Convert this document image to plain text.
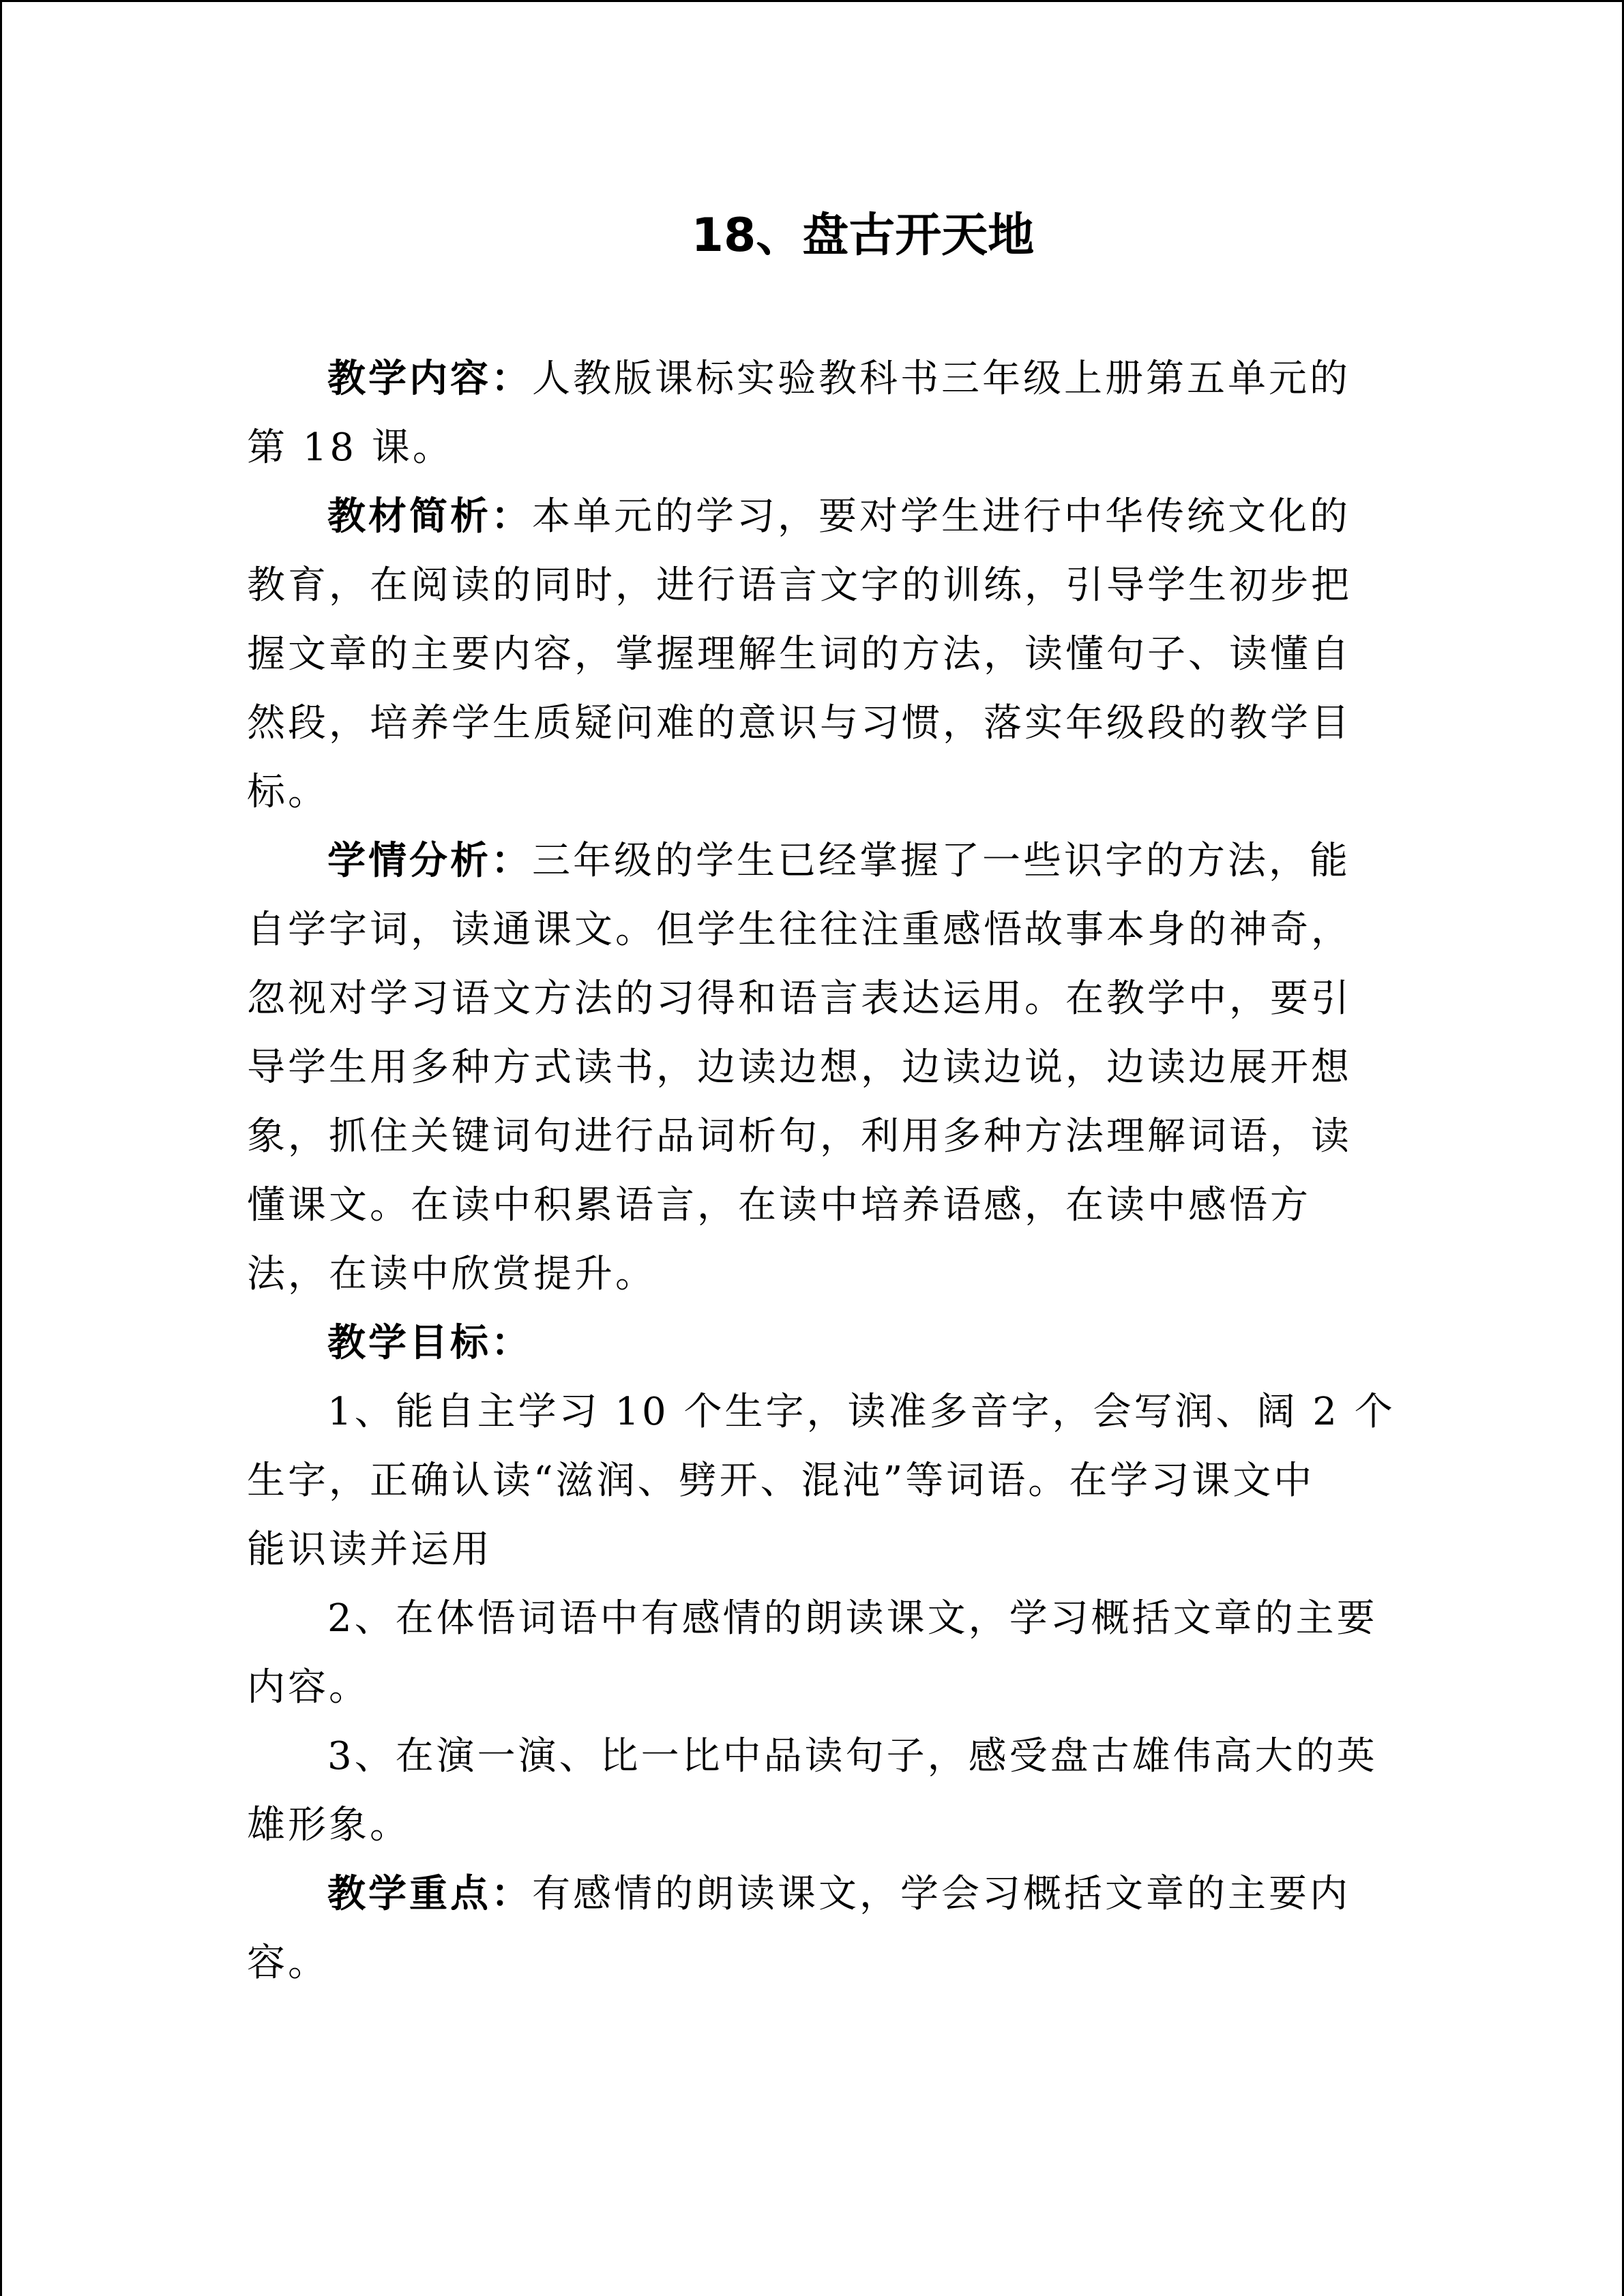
18、盘古开天地
教学内容：人教版课标实验教科书三年级上册第五单元的
第 18 课。
教材简析：本单元的学习，要对学生进行中华传统文化的
教育，在阅读的同时，进行语言文字的训练，引导学生初步把
握文章的主要内容，掌握理解生词的方法，读懂句子、读懂自
然段，培养学生质疑问难的意识与习惯，落实年级段的教学目
标。
学情分析：三年级的学生已经掌握了一些识字的方法，能
自学字词，读通课文。但学生往往注重感悟故事本身的神奇，
忽视对学习语文方法的习得和语言表达运用。在教学中，要引
导学生用多种方式读书，边读边想，边读边说，边读边展开想
象，抓住关键词句进行品词析句，利用多种方法理解词语，读
懂课文。在读中积累语言，在读中培养语感，在读中感悟方
法，在读中欣赏提升。
教学目标：
1、能自主学习 10 个生字，读准多音字，会写润、阔 2 个
生字，正确认读“滋润、劈开、混沌”等词语。在学习课文中
能识读并运用
2、在体悟词语中有感情的朗读课文，学习概括文章的主要
内容。
3、在演一演、比一比中品读句子，感受盘古雄伟高大的英
雄形象。
教学重点：有感情的朗读课文，学会习概括文章的主要内
容。
